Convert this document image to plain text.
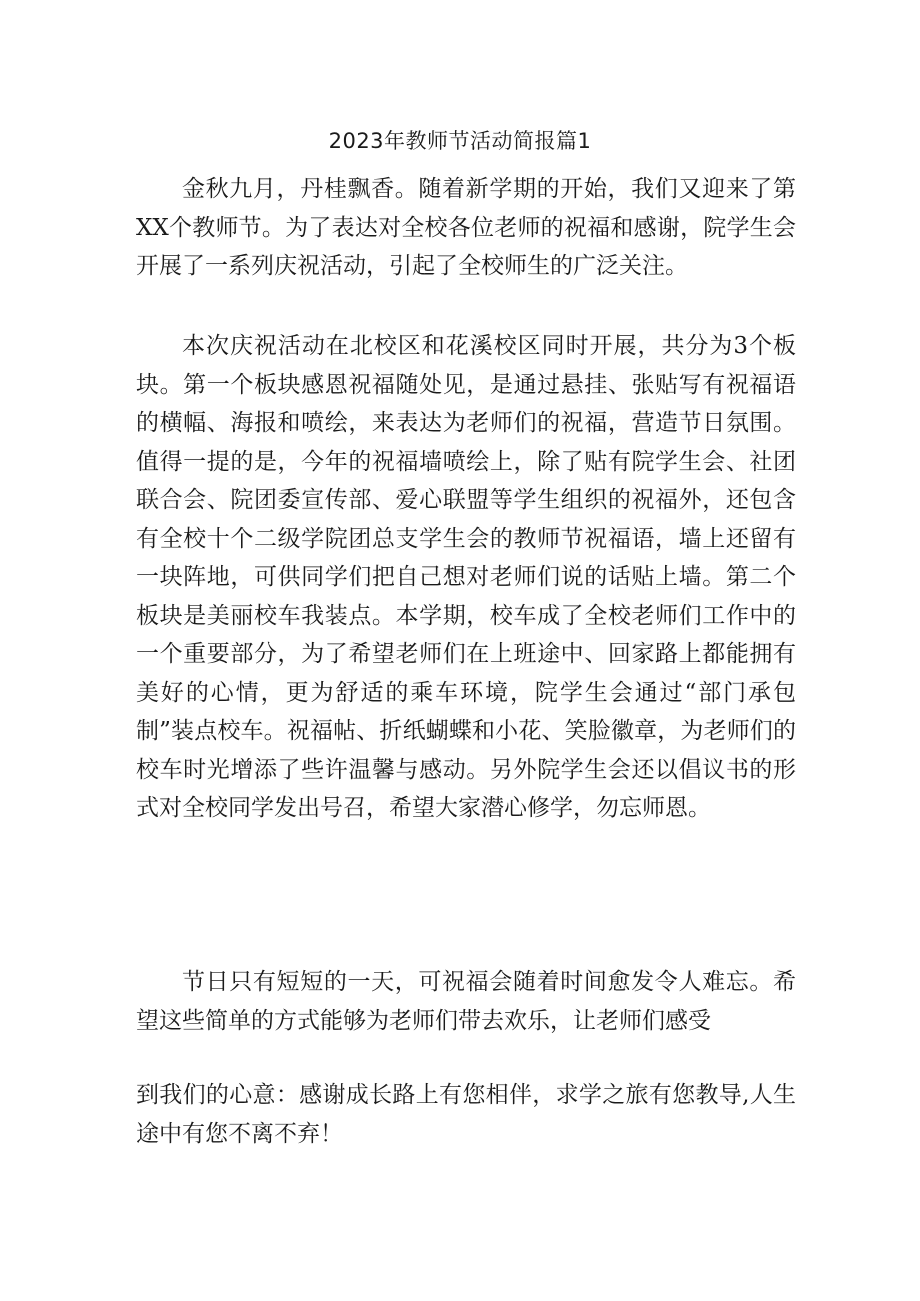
2023年教师节活动简报篇1

金秋九月，丹桂飘香。随着新学期的开始，我们又迎来了第XX个教师节。为了表达对全校各位老师的祝福和感谢，院学生会开展了一系列庆祝活动，引起了全校师生的广泛关注。

本次庆祝活动在北校区和花溪校区同时开展，共分为3个板块。第一个板块感恩祝福随处见，是通过悬挂、张贴写有祝福语的横幅、海报和喷绘，来表达为老师们的祝福，营造节日氛围。值得一提的是，今年的祝福墙喷绘上，除了贴有院学生会、社团联合会、院团委宣传部、爱心联盟等学生组织的祝福外，还包含有全校十个二级学院团总支学生会的教师节祝福语，墙上还留有一块阵地，可供同学们把自己想对老师们说的话贴上墙。第二个板块是美丽校车我装点。本学期，校车成了全校老师们工作中的一个重要部分，为了希望老师们在上班途中、回家路上都能拥有美好的心情，更为舒适的乘车环境，院学生会通过“部门承包制”装点校车。祝福帖、折纸蝴蝶和小花、笑脸徽章，为老师们的校车时光增添了些许温馨与感动。另外院学生会还以倡议书的形式对全校同学发出号召，希望大家潜心修学，勿忘师恩。

节日只有短短的一天，可祝福会随着时间愈发令人难忘。希望这些简单的方式能够为老师们带去欢乐，让老师们感受

到我们的心意：感谢成长路上有您相伴，求学之旅有您教导,人生途中有您不离不弃！
